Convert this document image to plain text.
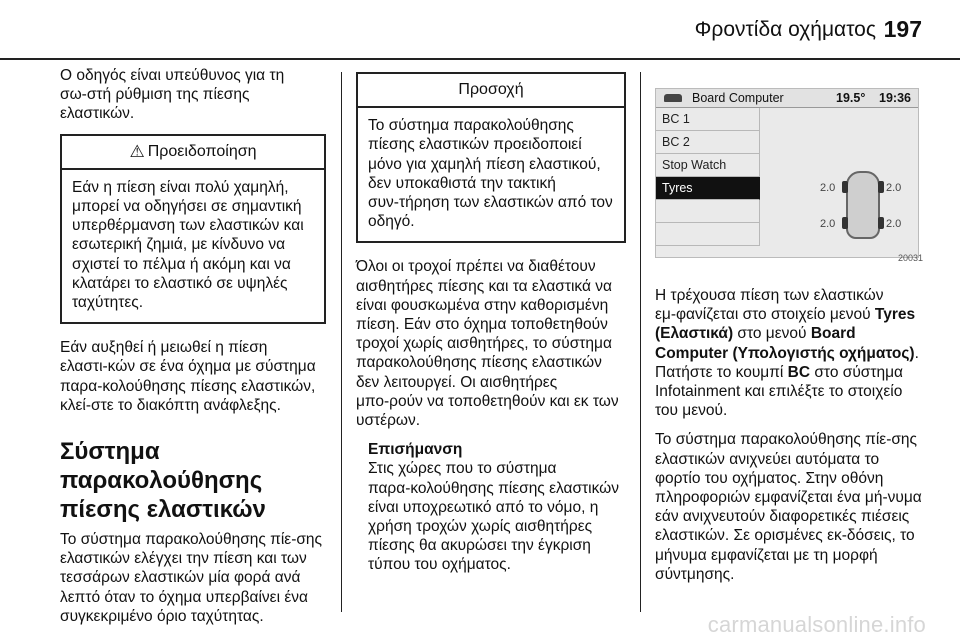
Φροντίδα οχήματος 197

Ο οδηγός είναι υπεύθυνος για τη σω‑στή ρύθμιση της πίεσης ελαστικών.

⚠ Προειδοποίηση
Εάν η πίεση είναι πολύ χαμηλή, μπορεί να οδηγήσει σε σημαντική υπερθέρμανση των ελαστικών και εσωτερική ζημιά, με κίνδυνο να σχιστεί το πέλμα ή ακόμη και να κλατάρει το ελαστικό σε υψηλές ταχύτητες.

Εάν αυξηθεί ή μειωθεί η πίεση ελαστι‑κών σε ένα όχημα με σύστημα παρα‑κολούθησης πίεσης ελαστικών, κλεί‑στε το διακόπτη ανάφλεξης.

Σύστημα παρακολούθησης πίεσης ελαστικών

Το σύστημα παρακολούθησης πίε‑σης ελαστικών ελέγχει την πίεση και των τεσσάρων ελαστικών μία φορά ανά λεπτό όταν το όχημα υπερβαίνει ένα συγκεκριμένο όριο ταχύτητας.

Προσοχή
Το σύστημα παρακολούθησης πίεσης ελαστικών προειδοποιεί μόνο για χαμηλή πίεση ελαστικού, δεν υποκαθιστά την τακτική συν‑τήρηση των ελαστικών από τον οδηγό.

Όλοι οι τροχοί πρέπει να διαθέτουν αισθητήρες πίεσης και τα ελαστικά να είναι φουσκωμένα στην καθορισμένη πίεση. Εάν στο όχημα τοποθετηθούν τροχοί χωρίς αισθητήρες, το σύστημα παρακολούθησης πίεσης ελαστικών δεν λειτουργεί. Οι αισθητήρες μπο‑ρούν να τοποθετηθούν και εκ των υστέρων.

Επισήμανση
Στις χώρες που το σύστημα παρα‑κολούθησης πίεσης ελαστικών είναι υποχρεωτικό από το νόμο, η χρήση τροχών χωρίς αισθητήρες πίεσης θα ακυρώσει την έγκριση τύπου του οχήματος.
Board Computer	19.5° 19:36
BC 1
BC 2
Stop Watch
Tyres	2.0	2.0
2.0	2.0
20031

Η τρέχουσα πίεση των ελαστικών εμ‑φανίζεται στο στοιχείο μενού Tyres (Ελαστικά) στο μενού Board Computer (Υπολογιστής οχήματος). Πατήστε το κουμπί BC στο σύστημα Infotainment και επιλέξτε το στοιχείο του μενού.

Το σύστημα παρακολούθησης πίε‑σης ελαστικών ανιχνεύει αυτόματα το φορτίο του οχήματος. Στην οθόνη πληροφοριών εμφανίζεται ένα μή‑νυμα εάν ανιχνευτούν διαφορετικές πιέσεις ελαστικών. Σε ορισμένες εκ‑δόσεις, το μήνυμα εμφανίζεται με τη μορφή σύντμησης.

carmanualsonline.info
